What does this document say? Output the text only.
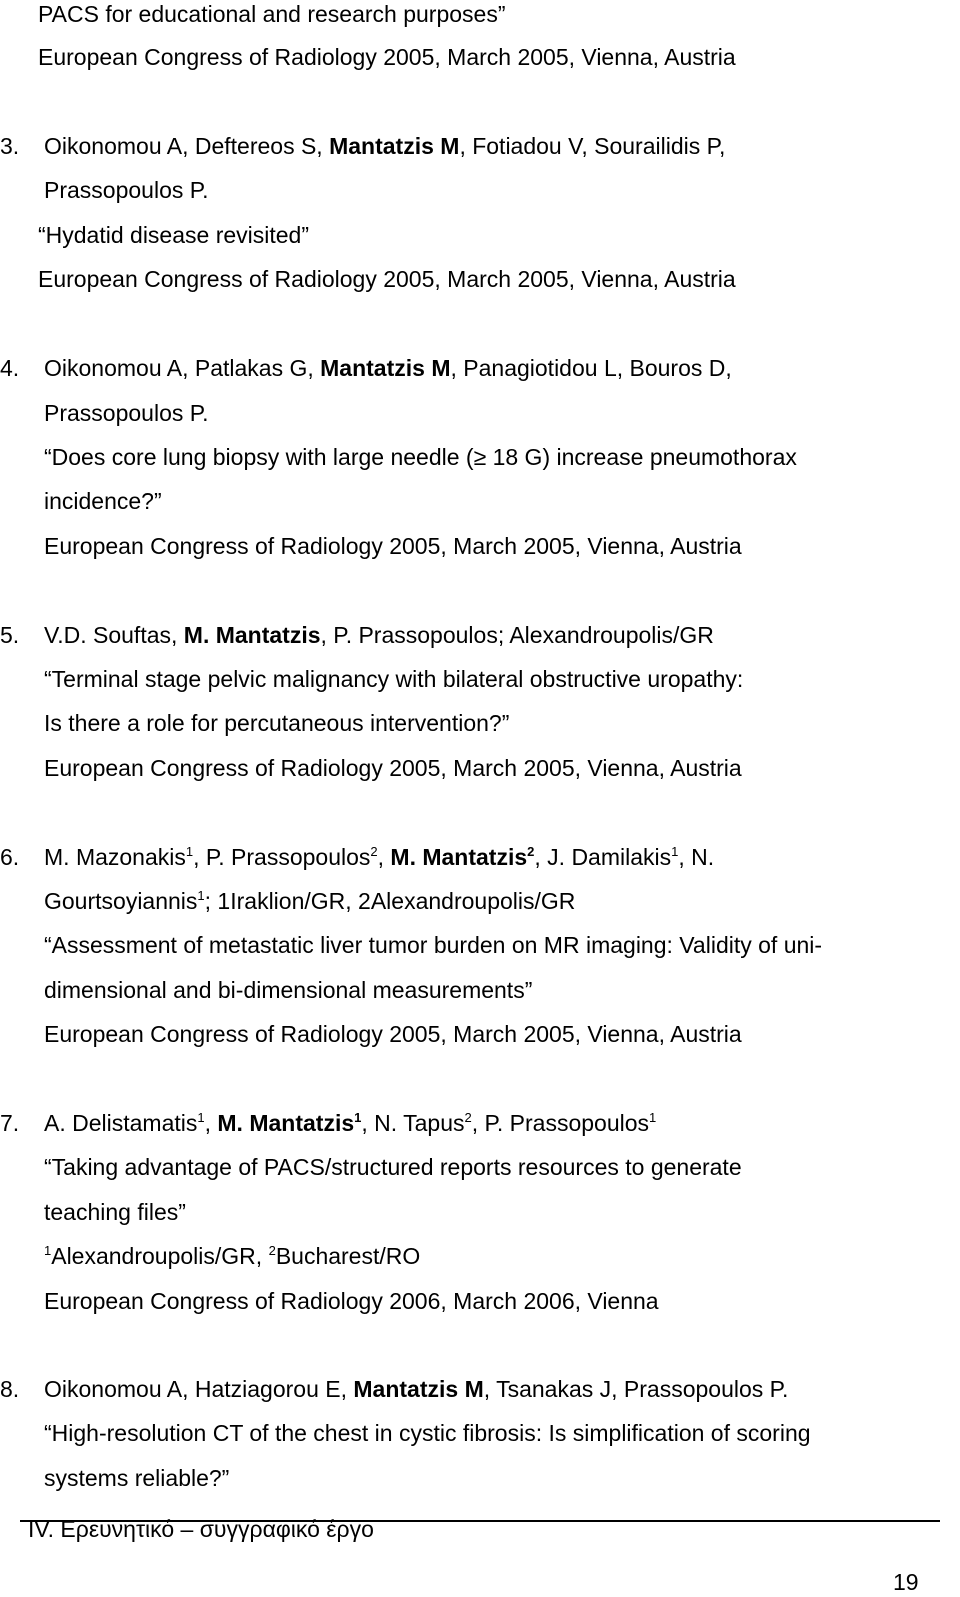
PACS for educational and research purposes”
European Congress of Radiology 2005, March 2005, Vienna, Austria
3. Oikonomou A, Deftereos S, Mantatzis M, Fotiadou V, Sourailidis P,
Prassopoulos P.
“Hydatid disease revisited”
European Congress of Radiology 2005, March 2005, Vienna, Austria
4. Oikonomou A, Patlakas G, Mantatzis M, Panagiotidou L, Bouros D,
Prassopoulos P.
“Does core lung biopsy with large needle (≥ 18 G) increase pneumothorax
incidence?”
European Congress of Radiology 2005, March 2005, Vienna, Austria
5. V.D. Souftas, M. Mantatzis, P. Prassopoulos; Alexandroupolis/GR
“Terminal stage pelvic malignancy with bilateral obstructive uropathy:
Is there a role for percutaneous intervention?”
European Congress of Radiology 2005, March 2005, Vienna, Austria
6. M. Mazonakis$^1$, P. Prassopoulos$^2$, M. Mantatzis$^2$, J. Damilakis$^1$, N.
Gourtsoyiannis$^1$; 1Iraklion/GR, 2Alexandroupolis/GR
“Assessment of metastatic liver tumor burden on MR imaging: Validity of uni-
dimensional and bi-dimensional measurements”
European Congress of Radiology 2005, March 2005, Vienna, Austria
7. A. Delistamatis$^1$, M. Mantatzis$^1$, N. Tapus$^2$, P. Prassopoulos$^1$
“Taking advantage of PACS/structured reports resources to generate
teaching files”
$^1$Alexandroupolis/GR, $^2$Bucharest/RO
European Congress of Radiology 2006, March 2006, Vienna
8. Oikonomou A, Hatziagorou E, Mantatzis M, Tsanakas J, Prassopoulos P.
“High-resolution CT of the chest in cystic fibrosis: Is simplification of scoring
systems reliable?”
IV. Ερευνητικό – συγγραφικό έργο
19
